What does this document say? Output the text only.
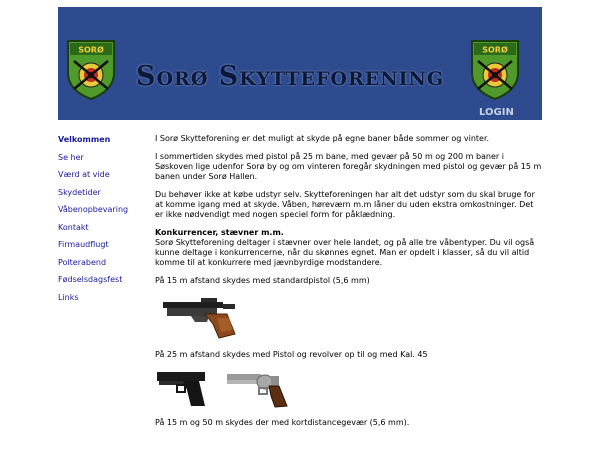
SORØ
Sorø Skytteforening
SORØ
LOGIN
Velkommen
Se her
Værd at vide
Skydetider
Våbenopbevaring
Kontakt
Firmaudflugt
Polterabend
Fødselsdagsfest
Links

I Sorø Skytteforening er det muligt at skyde på egne baner både sommer og vinter.

I sommertiden skydes med pistol på 25 m bane, med gevær på 50 m og 200 m baner i Søskoven lige udenfor Sorø by og om vinteren foregår skydningen med pistol og gevær på 15 m banen under Sorø Hallen.

Du behøver ikke at købe udstyr selv. Skytteforeningen har alt det udstyr som du skal bruge for at komme igang med at skyde. Våben, høreværn m.m låner du uden ekstra omkostninger. Det er ikke nødvendigt med nogen speciel form for påklædning.

Konkurrencer, stævner m.m.
Sorø Skytteforening deltager i stævner over hele landet, og på alle tre våbentyper. Du vil også kunne deltage i konkurrencerne, når du skønnes egnet. Man er opdelt i klasser, så du vil altid komme til at konkurrere med jævnbyrdige modstandere.

På 15 m afstand skydes med standardpistol (5,6 mm)

På 25 m afstand skydes med Pistol og revolver op til og med Kal. 45

På 15 m og 50 m skydes der med kortdistancegevær (5,6 mm).
